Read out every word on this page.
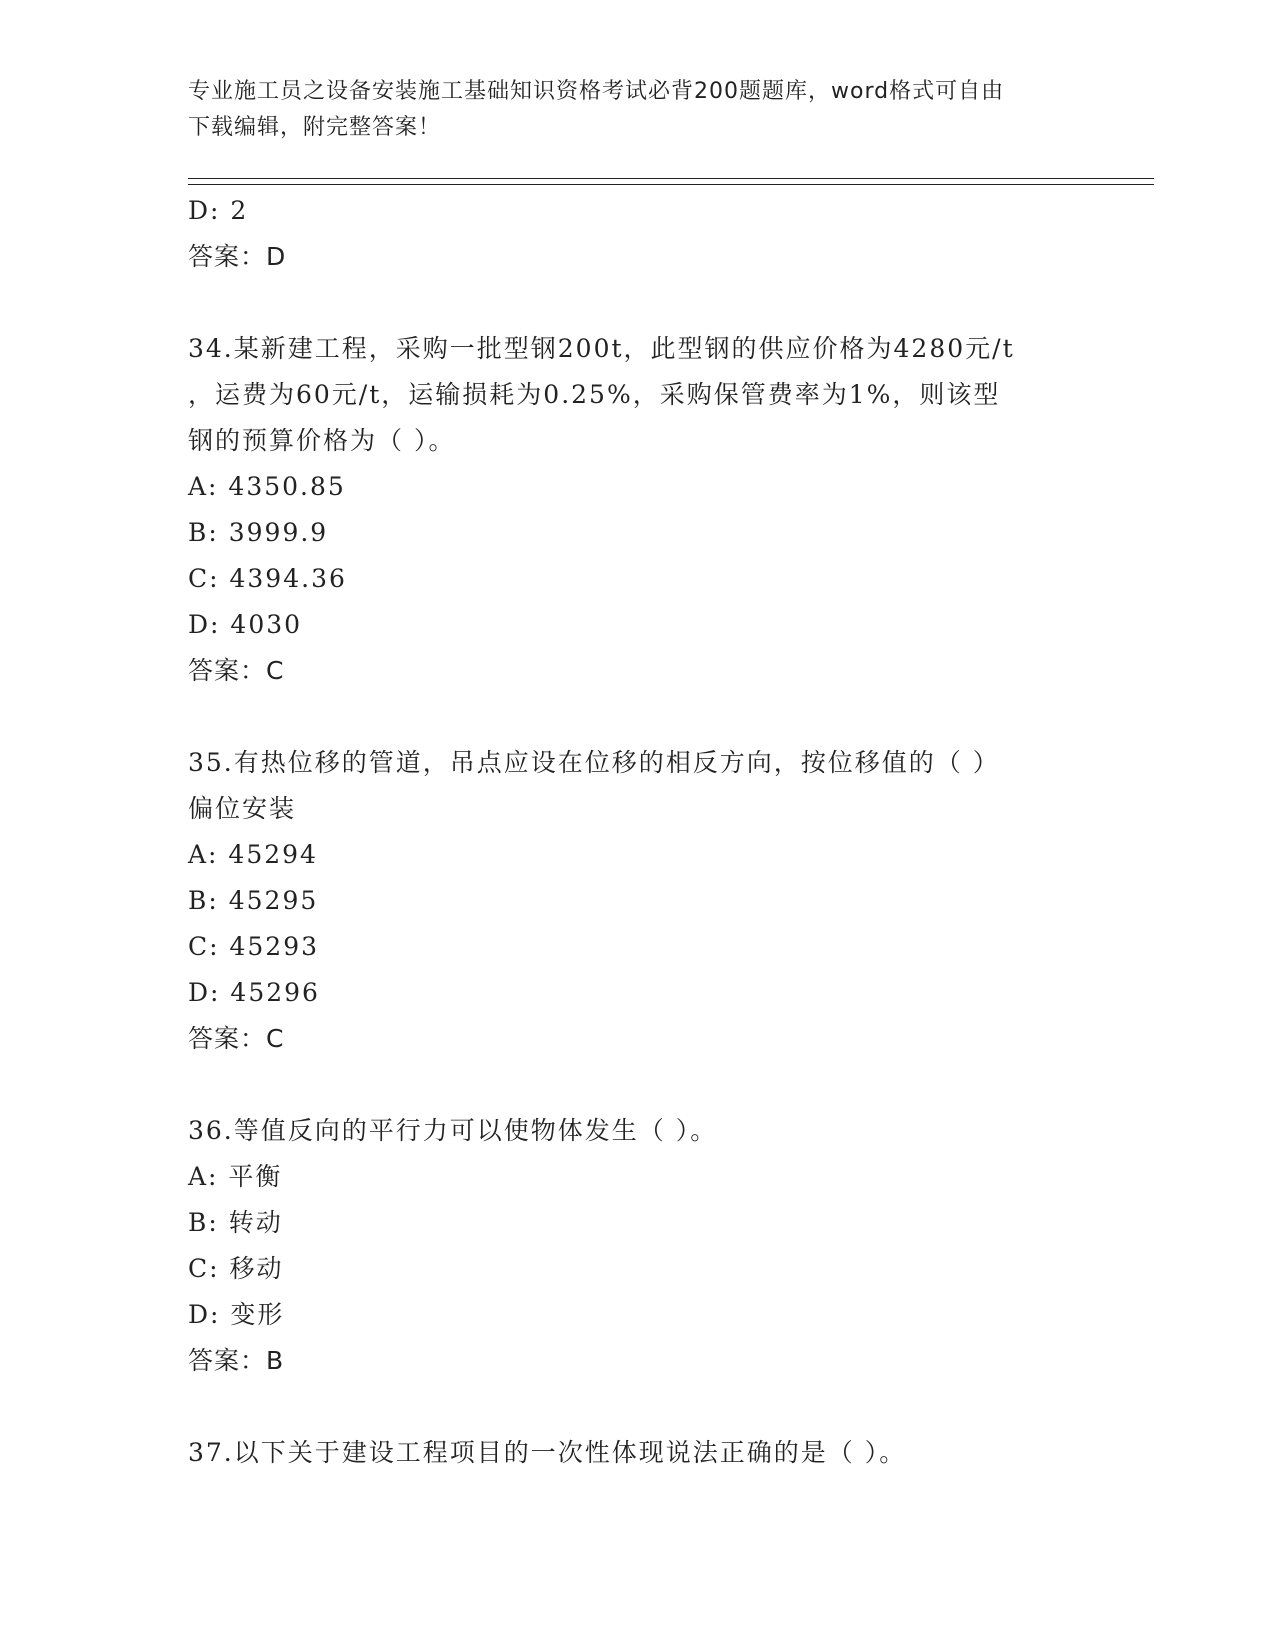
专业施工员之设备安装施工基础知识资格考试必背200题题库，word格式可自由
下载编辑，附完整答案！
D: 2
答案：D
34.某新建工程，采购一批型钢200t，此型钢的供应价格为4280元/t
，运费为60元/t，运输损耗为0.25%，采购保管费率为1%，则该型
钢的预算价格为（ ）。
A: 4350.85
B: 3999.9
C: 4394.36
D: 4030
答案：C
35.有热位移的管道，吊点应设在位移的相反方向，按位移值的（ ）
偏位安装
A: 45294
B: 45295
C: 45293
D: 45296
答案：C
36.等值反向的平行力可以使物体发生（ ）。
A: 平衡
B: 转动
C: 移动
D: 变形
答案：B
37.以下关于建设工程项目的一次性体现说法正确的是（ ）。
